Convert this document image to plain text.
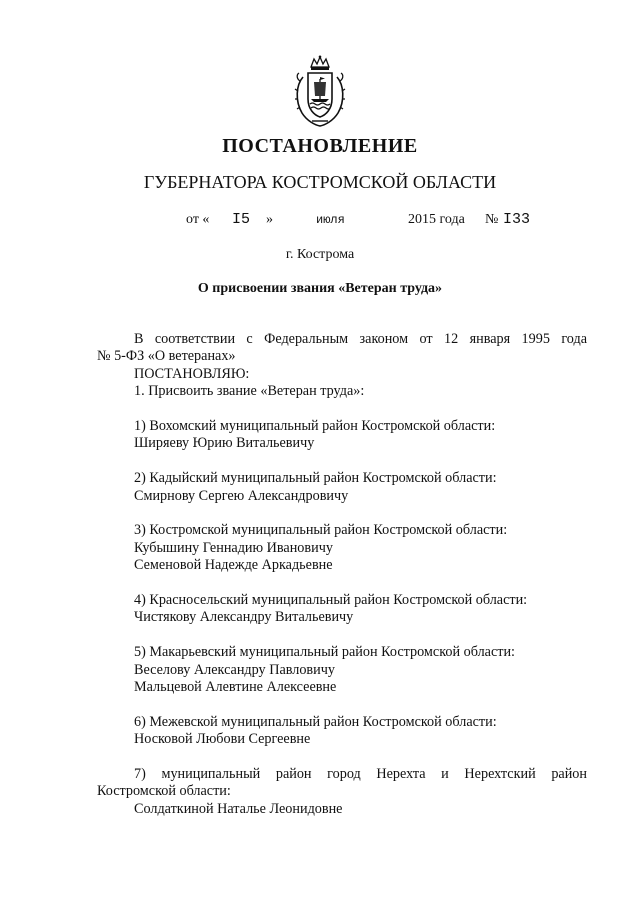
ПОСТАНОВЛЕНИЕ
ГУБЕРНАТОРА КОСТРОМСКОЙ ОБЛАСТИ
от « I5 »	июля	2015 года № I33
г. Кострома
О присвоении звания «Ветеран труда»

В соответствии с Федеральным законом от 12 января 1995 года

№ 5-ФЗ «О ветеранах»

ПОСТАНОВЛЯЮ:

1. Присвоить звание «Ветеран труда»:

1) Вохомский муниципальный район Костромской области:

Ширяеву Юрию Витальевичу

2) Кадыйский муниципальный район Костромской области:

Смирнову Сергею Александровичу

3) Костромской муниципальный район Костромской области:

Кубышину Геннадию Ивановичу

Семеновой Надежде Аркадьевне

4) Красносельский муниципальный район Костромской области:

Чистякову Александру Витальевичу

5) Макарьевский муниципальный район Костромской области:

Веселову Александру Павловичу

Мальцевой Алевтине Алексеевне

6) Межевской муниципальный район Костромской области:

Носковой Любови Сергеевне

7) муниципальный район город Нерехта и Нерехтский район

Костромской области:

Солдаткиной Наталье Леонидовне
